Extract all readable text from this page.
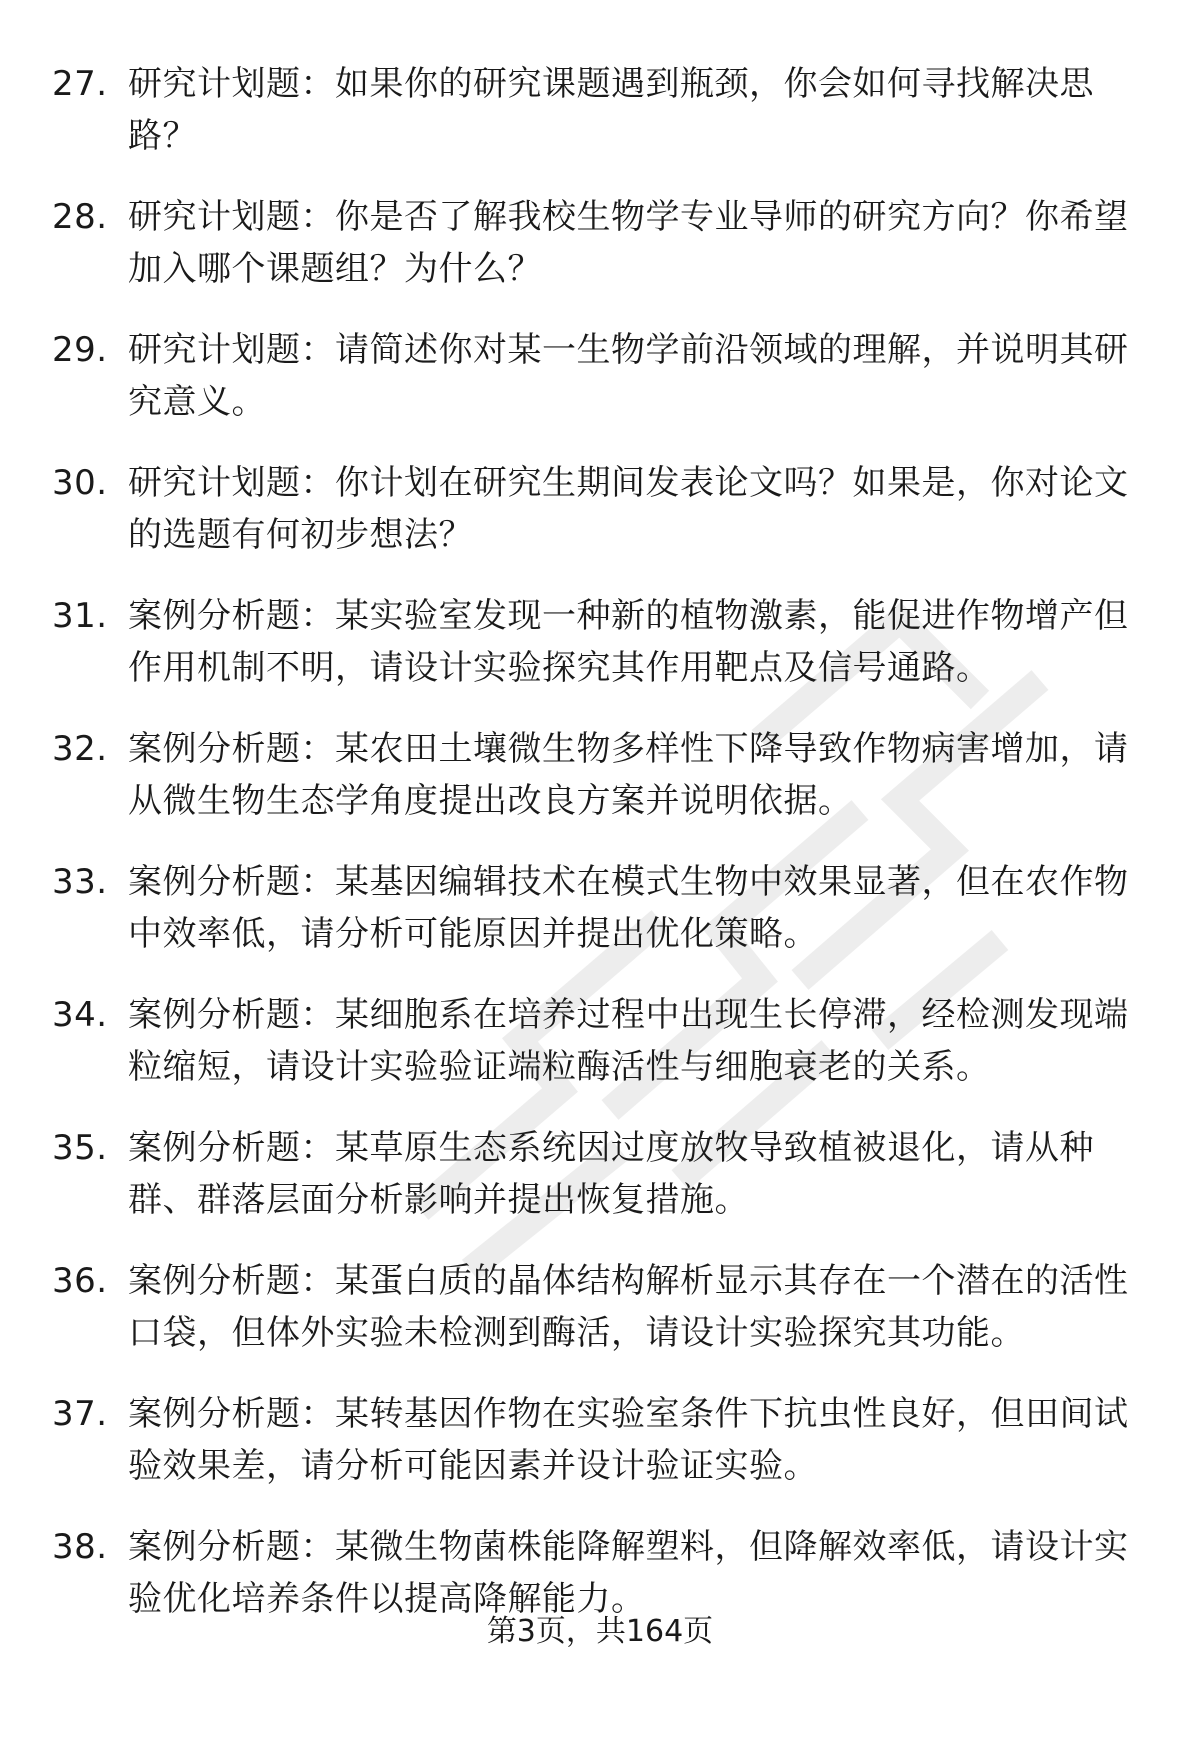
27. 研究计划题：如果你的研究课题遇到瓶颈，你会如何寻找解决思路？
28. 研究计划题：你是否了解我校生物学专业导师的研究方向？你希望加入哪个课题组？为什么？
29. 研究计划题：请简述你对某一生物学前沿领域的理解，并说明其研究意义。
30. 研究计划题：你计划在研究生期间发表论文吗？如果是，你对论文的选题有何初步想法？
31. 案例分析题：某实验室发现一种新的植物激素，能促进作物增产但作用机制不明，请设计实验探究其作用靶点及信号通路。
32. 案例分析题：某农田土壤微生物多样性下降导致作物病害增加，请从微生物生态学角度提出改良方案并说明依据。
33. 案例分析题：某基因编辑技术在模式生物中效果显著，但在农作物中效率低，请分析可能原因并提出优化策略。
34. 案例分析题：某细胞系在培养过程中出现生长停滞，经检测发现端粒缩短，请设计实验验证端粒酶活性与细胞衰老的关系。
35. 案例分析题：某草原生态系统因过度放牧导致植被退化，请从种群、群落层面分析影响并提出恢复措施。
36. 案例分析题：某蛋白质的晶体结构解析显示其存在一个潜在的活性口袋，但体外实验未检测到酶活，请设计实验探究其功能。
37. 案例分析题：某转基因作物在实验室条件下抗虫性良好，但田间试验效果差，请分析可能因素并设计验证实验。
38. 案例分析题：某微生物菌株能降解塑料，但降解效率低，请设计实验优化培养条件以提高降解能力。
第3页，共164页
